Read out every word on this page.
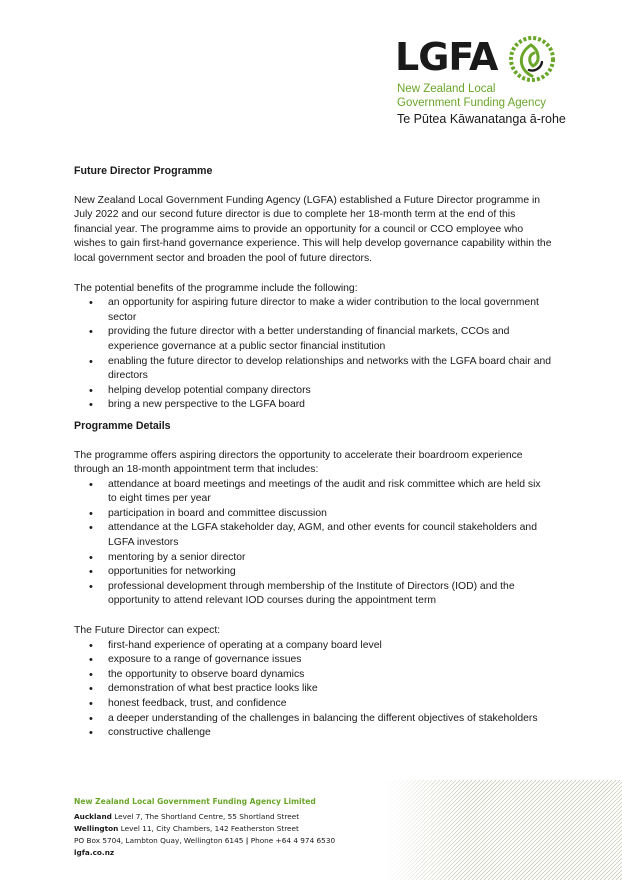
LGFA
New Zealand Local
Government Funding Agency
Te Pūtea Kāwanatanga ā-rohe
Future Director Programme

New Zealand Local Government Funding Agency (LGFA) established a Future Director programme in July 2022 and our second future director is due to complete her 18-month term at the end of this financial year. The programme aims to provide an opportunity for a council or CCO employee who wishes to gain first-hand governance experience. This will help develop governance capability within the local government sector and broaden the pool of future directors.

The potential benefits of the programme include the following:

• an opportunity for aspiring future director to make a wider contribution to the local government sector
• providing the future director with a better understanding of financial markets, CCOs and experience governance at a public sector financial institution
• enabling the future director to develop relationships and networks with the LGFA board chair and directors
• helping develop potential company directors
• bring a new perspective to the LGFA board
Programme Details

The programme offers aspiring directors the opportunity to accelerate their boardroom experience through an 18-month appointment term that includes:

• attendance at board meetings and meetings of the audit and risk committee which are held six to eight times per year
• participation in board and committee discussion
• attendance at the LGFA stakeholder day, AGM, and other events for council stakeholders and LGFA investors
• mentoring by a senior director
• opportunities for networking
• professional development through membership of the Institute of Directors (IOD) and the opportunity to attend relevant IOD courses during the appointment term

The Future Director can expect:

• first-hand experience of operating at a company board level
• exposure to a range of governance issues
• the opportunity to observe board dynamics
• demonstration of what best practice looks like
• honest feedback, trust, and confidence
• a deeper understanding of the challenges in balancing the different objectives of stakeholders
• constructive challenge
New Zealand Local Government Funding Agency Limited
Auckland Level 7, The Shortland Centre, 55 Shortland Street
Wellington Level 11, City Chambers, 142 Featherston Street
PO Box 5704, Lambton Quay, Wellington 6145 | Phone +64 4 974 6530
lgfa.co.nz
